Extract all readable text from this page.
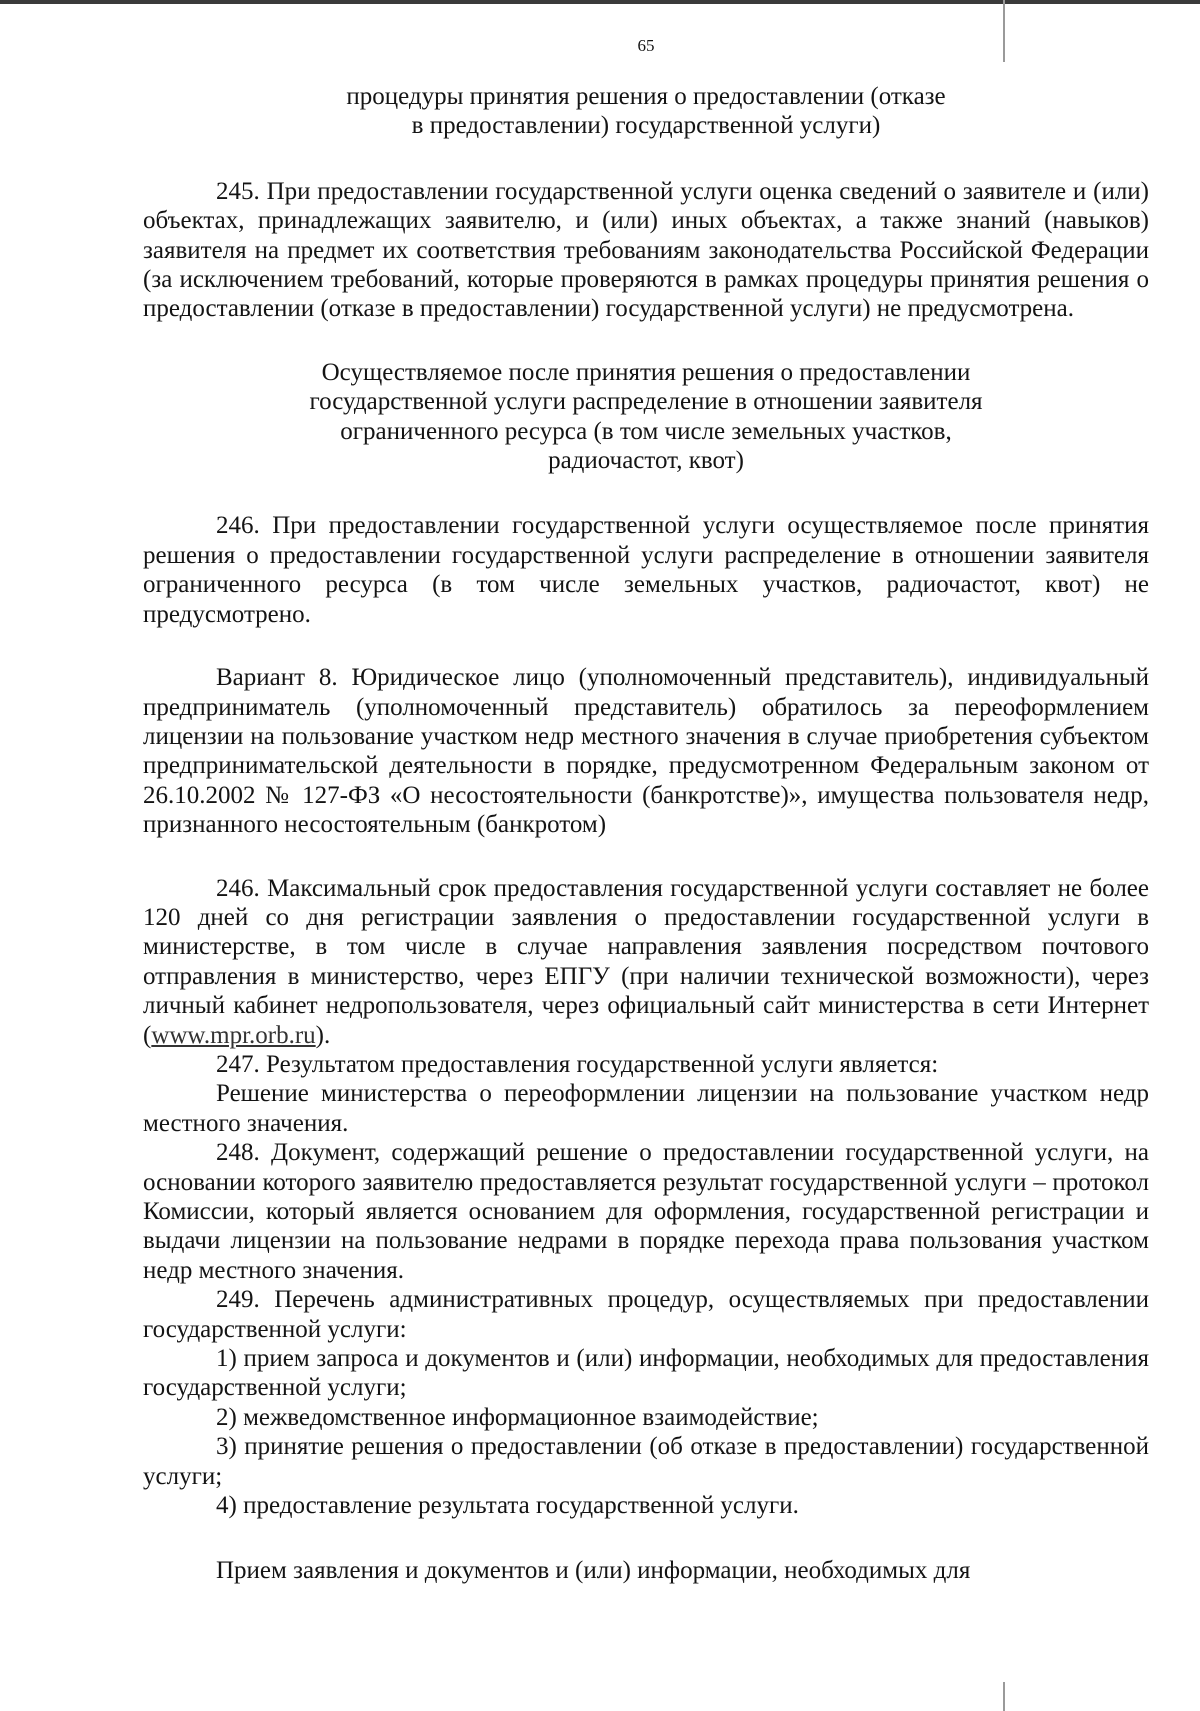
65

процедуры принятия решения о предоставлении (отказе

в предоставлении) государственной услуги)

245. При предоставлении государственной услуги оценка сведений о заявителе и (или) объектах, принадлежащих заявителю, и (или) иных объектах, а также знаний (навыков) заявителя на предмет их соответствия требованиям законодательства Российской Федерации (за исключением требований, которые проверяются в рамках процедуры принятия решения о предоставлении (отказе в предоставлении) государственной услуги) не предусмотрена.

Осуществляемое после принятия решения о предоставлении

государственной услуги распределение в отношении заявителя

ограниченного ресурса (в том числе земельных участков,

радиочастот, квот)

246. При предоставлении государственной услуги осуществляемое после принятия решения о предоставлении государственной услуги распределение в отношении заявителя ограниченного ресурса (в том числе земельных участков, радиочастот, квот) не предусмотрено.

Вариант 8. Юридическое лицо (уполномоченный представитель), индивидуальный предприниматель (уполномоченный представитель) обратилось за переоформлением лицензии на пользование участком недр местного значения в случае приобретения субъектом предпринимательской деятельности в порядке, предусмотренном Федеральным законом от 26.10.2002 № 127-ФЗ «О несостоятельности (банкротстве)», имущества пользователя недр, признанного несостоятельным (банкротом)

246. Максимальный срок предоставления государственной услуги составляет не более 120 дней со дня регистрации заявления о предоставлении государственной услуги в министерстве, в том числе в случае направления заявления посредством почтового отправления в министерство, через ЕПГУ (при наличии технической возможности), через личный кабинет недропользователя, через официальный сайт министерства в сети Интернет (www.mpr.orb.ru).

247. Результатом предоставления государственной услуги является:

Решение министерства о переоформлении лицензии на пользование участком недр местного значения.

248. Документ, содержащий решение о предоставлении государственной услуги, на основании которого заявителю предоставляется результат государственной услуги – протокол Комиссии, который является основанием для оформления, государственной регистрации и выдачи лицензии на пользование недрами в порядке перехода права пользования участком недр местного значения.

249. Перечень административных процедур, осуществляемых при предоставлении государственной услуги:

1) прием запроса и документов и (или) информации, необходимых для предоставления государственной услуги;

2) межведомственное информационное взаимодействие;

3) принятие решения о предоставлении (об отказе в предоставлении) государственной услуги;

4) предоставление результата государственной услуги.

Прием заявления и документов и (или) информации, необходимых для
